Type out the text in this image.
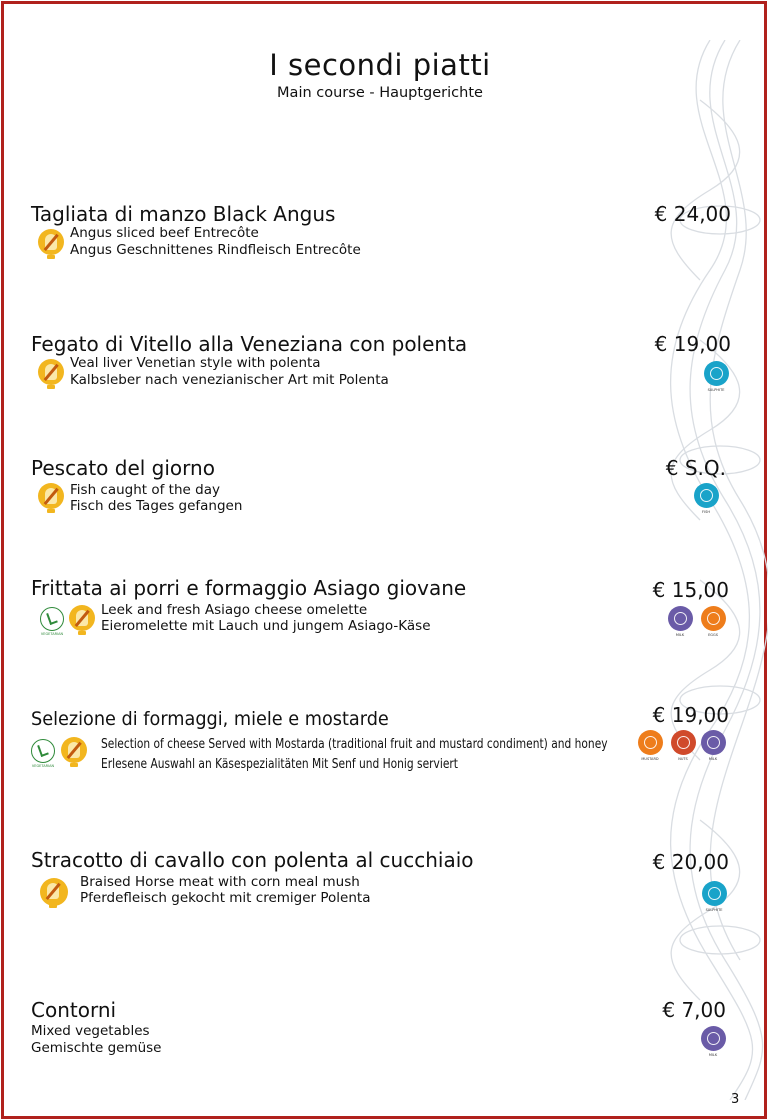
I secondi piatti
Main course - Hauptgerichte
Tagliata di manzo Black Angus	€ 24,00
Angus sliced beef Entrecôte
Angus Geschnittenes Rindfleisch Entrecôte
Fegato di Vitello alla Veneziana con polenta	€ 19,00
Veal liver Venetian style with polenta
Kalbsleber nach venezianischer Art mit Polenta
SULPHITE
Pescato del giorno	€ S.Q.
Fish caught of the day
Fisch des Tages gefangen	FISH
Frittata ai porri e formaggio Asiago giovane	€ 15,00
VEGETARIAN
Leek and fresh Asiago cheese omelette
Eieromelette mit Lauch und jungem Asiago-Käse
MILK	EGGS
Selezione di formaggi, miele e mostarde	€ 19,00
VEGETARIAN
Selection of cheese Served with Mostarda (traditional fruit and mustard condiment) and honey
Erlesene Auswahl an Käsespezialitäten Mit Senf und Honig serviert	MUSTARD	NUTS	MILK
Stracotto di cavallo con polenta al cucchiaio	€ 20,00
Braised Horse meat with corn meal mush
Pferdefleisch gekocht mit cremiger Polenta
SULPHITE
Contorni	€ 7,00
Mixed vegetables
Gemischte gemüse	MILK
3
